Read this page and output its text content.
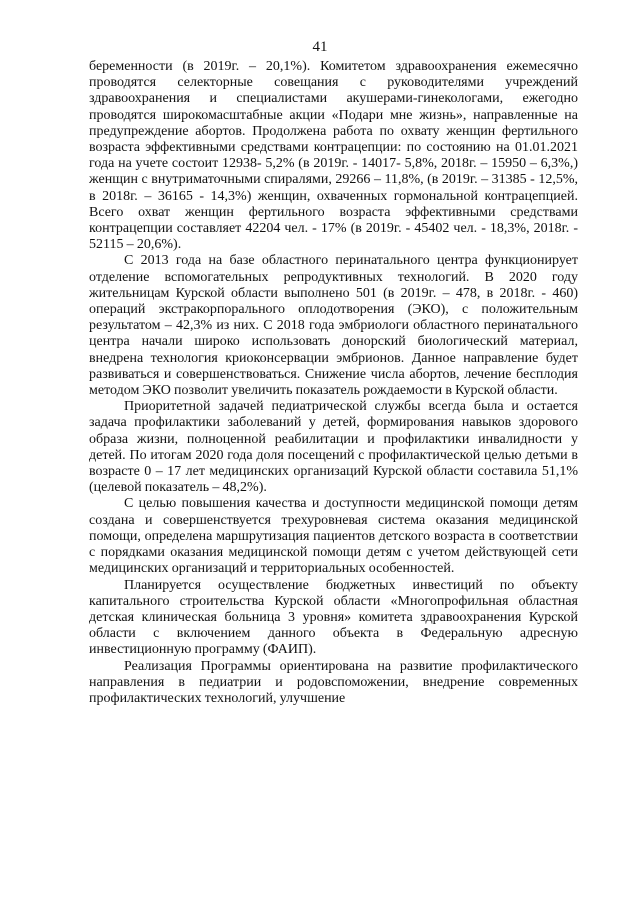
41

беременности (в 2019г. – 20,1%). Комитетом здравоохранения ежемесячно проводятся селекторные совещания с руководителями учреждений здравоохранения и специалистами акушерами-гинекологами, ежегодно проводятся широкомасштабные акции «Подари мне жизнь», направленные на предупреждение абортов. Продолжена работа по охвату женщин фертильного возраста эффективными средствами контрацепции: по состоянию на 01.01.2021 года на учете состоит 12938- 5,2% (в 2019г. - 14017- 5,8%, 2018г. – 15950 – 6,3%,) женщин с внутриматочными спиралями, 29266 – 11,8%, (в 2019г. – 31385 - 12,5%, в 2018г. – 36165 - 14,3%) женщин, охваченных гормональной контрацепцией. Всего охват женщин фертильного возраста эффективными средствами контрацепции составляет 42204 чел. - 17% (в 2019г. - 45402 чел. - 18,3%, 2018г. - 52115 – 20,6%).

С 2013 года на базе областного перинатального центра функционирует отделение вспомогательных репродуктивных технологий. В 2020 году жительницам Курской области выполнено 501 (в 2019г. – 478, в 2018г. - 460) операций экстракорпорального оплодотворения (ЭКО), с положительным результатом – 42,3% из них. С 2018 года эмбриологи областного перинатального центра начали широко использовать донорский биологический материал, внедрена технология криоконсервации эмбрионов. Данное направление будет развиваться и совершенствоваться. Снижение числа абортов, лечение бесплодия методом ЭКО позволит увеличить показатель рождаемости в Курской области.

Приоритетной задачей педиатрической службы всегда была и остается задача профилактики заболеваний у детей, формирования навыков здорового образа жизни, полноценной реабилитации и профилактики инвалидности у детей. По итогам 2020 года доля посещений с профилактической целью детьми в возрасте 0 – 17 лет медицинских организаций Курской области составила 51,1% (целевой показатель – 48,2%).

С целью повышения качества и доступности медицинской помощи детям создана и совершенствуется трехуровневая система оказания медицинской помощи, определена маршрутизация пациентов детского возраста в соответствии с порядками оказания медицинской помощи детям с учетом действующей сети медицинских организаций и территориальных особенностей.

Планируется осуществление бюджетных инвестиций по объекту капитального строительства Курской области «Многопрофильная областная детская клиническая больница 3 уровня» комитета здравоохранения Курской области с включением данного объекта в Федеральную адресную инвестиционную программу (ФАИП).

Реализация Программы ориентирована на развитие профилактического направления в педиатрии и родовспоможении, внедрение современных профилактических технологий, улучшение
